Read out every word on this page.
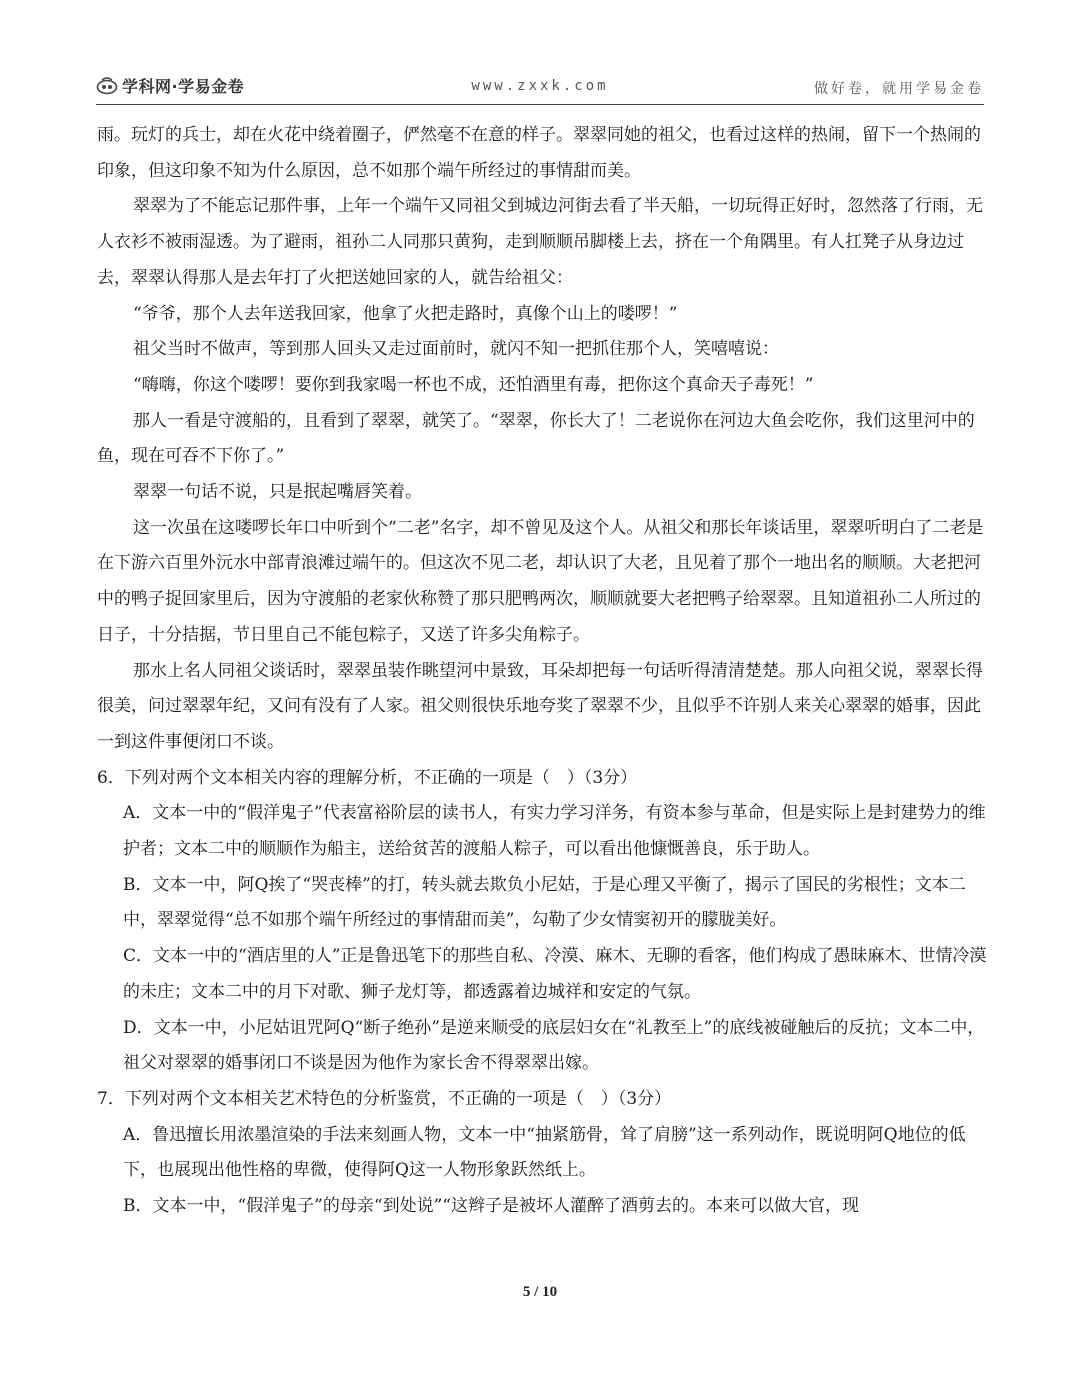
学科网·学易金卷	www.zxxk.com	做好卷，就用学易金卷

雨。玩灯的兵士，却在火花中绕着圈子，俨然毫不在意的样子。翠翠同她的祖父，也看过这样的热闹，留下一个热闹的印象，但这印象不知为什么原因，总不如那个端午所经过的事情甜而美。

翠翠为了不能忘记那件事，上年一个端午又同祖父到城边河街去看了半天船，一切玩得正好时，忽然落了行雨，无人衣衫不被雨湿透。为了避雨，祖孙二人同那只黄狗，走到顺顺吊脚楼上去，挤在一个角隅里。有人扛凳子从身边过去，翠翠认得那人是去年打了火把送她回家的人，就告给祖父：

“爷爷，那个人去年送我回家，他拿了火把走路时，真像个山上的喽啰！”

祖父当时不做声，等到那人回头又走过面前时，就闪不知一把抓住那个人，笑嘻嘻说：

“嗨嗨，你这个喽啰！要你到我家喝一杯也不成，还怕酒里有毒，把你这个真命天子毒死！”

那人一看是守渡船的，且看到了翠翠，就笑了。“翠翠，你长大了！二老说你在河边大鱼会吃你，我们这里河中的鱼，现在可吞不下你了。”

翠翠一句话不说，只是抿起嘴唇笑着。

这一次虽在这喽啰长年口中听到个“二老”名字，却不曾见及这个人。从祖父和那长年谈话里，翠翠听明白了二老是在下游六百里外沅水中部青浪滩过端午的。但这次不见二老，却认识了大老，且见着了那个一地出名的顺顺。大老把河中的鸭子捉回家里后，因为守渡船的老家伙称赞了那只肥鸭两次，顺顺就要大老把鸭子给翠翠。且知道祖孙二人所过的日子，十分拮据，节日里自己不能包粽子，又送了许多尖角粽子。

那水上名人同祖父谈话时，翠翠虽装作眺望河中景致，耳朵却把每一句话听得清清楚楚。那人向祖父说，翠翠长得很美，问过翠翠年纪，又问有没有了人家。祖父则很快乐地夸奖了翠翠不少，且似乎不许别人来关心翠翠的婚事，因此一到这件事便闭口不谈。

6．下列对两个文本相关内容的理解分析，不正确的一项是（　）（3分）

A．文本一中的“假洋鬼子”代表富裕阶层的读书人，有实力学习洋务，有资本参与革命，但是实际上是封建势力的维护者；文本二中的顺顺作为船主，送给贫苦的渡船人粽子，可以看出他慷慨善良，乐于助人。

B．文本一中，阿Q挨了“哭丧棒”的打，转头就去欺负小尼姑，于是心理又平衡了，揭示了国民的劣根性；文本二中，翠翠觉得“总不如那个端午所经过的事情甜而美”，勾勒了少女情窦初开的朦胧美好。

C．文本一中的“酒店里的人”正是鲁迅笔下的那些自私、冷漠、麻木、无聊的看客，他们构成了愚昧麻木、世情冷漠的未庄；文本二中的月下对歌、狮子龙灯等，都透露着边城祥和安定的气氛。

D．文本一中，小尼姑诅咒阿Q“断子绝孙”是逆来顺受的底层妇女在“礼教至上”的底线被碰触后的反抗；文本二中，祖父对翠翠的婚事闭口不谈是因为他作为家长舍不得翠翠出嫁。

7．下列对两个文本相关艺术特色的分析鉴赏，不正确的一项是（　）（3分）

A．鲁迅擅长用浓墨渲染的手法来刻画人物，文本一中“抽紧筋骨，耸了肩膀”这一系列动作，既说明阿Q地位的低下，也展现出他性格的卑微，使得阿Q这一人物形象跃然纸上。

B．文本一中，“假洋鬼子”的母亲“到处说”“这辫子是被坏人灌醉了酒剪去的。本来可以做大官，现

5 / 10
